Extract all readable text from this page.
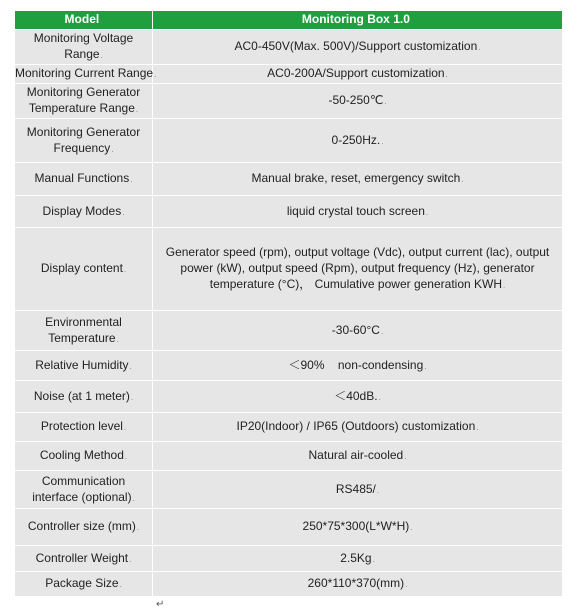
Model.	Monitoring Box 1.0.
Monitoring Voltage Range.	AC0-450V(Max. 500V)/Support customization.
Monitoring Current Range.	AC0-200A/Support customization.
Monitoring Generator Temperature Range.	-50-250℃.
Monitoring Generator Frequency.	0-250Hz..
Manual Functions.	Manual brake, reset, emergency switch.
Display Modes.	liquid crystal touch screen.
Display content.	Generator speed (rpm), output voltage (Vdc), output current (lac), output power (kW), output speed (Rpm), output frequency (Hz), generator temperature (°C)， Cumulative power generation KWH.
Environmental Temperature.	-30-60°C.
Relative Humidity.	＜90%    non-condensing.
Noise (at 1 meter).	＜40dB..
Protection level.	IP20(Indoor) / IP65 (Outdoors) customization.
Cooling Method.	Natural air-cooled.
Communication interface (optional).	RS485/.
Controller size (mm).	250*75*300(L*W*H).
Controller Weight.	2.5Kg.
Package Size.	260*110*370(mm).
↵
